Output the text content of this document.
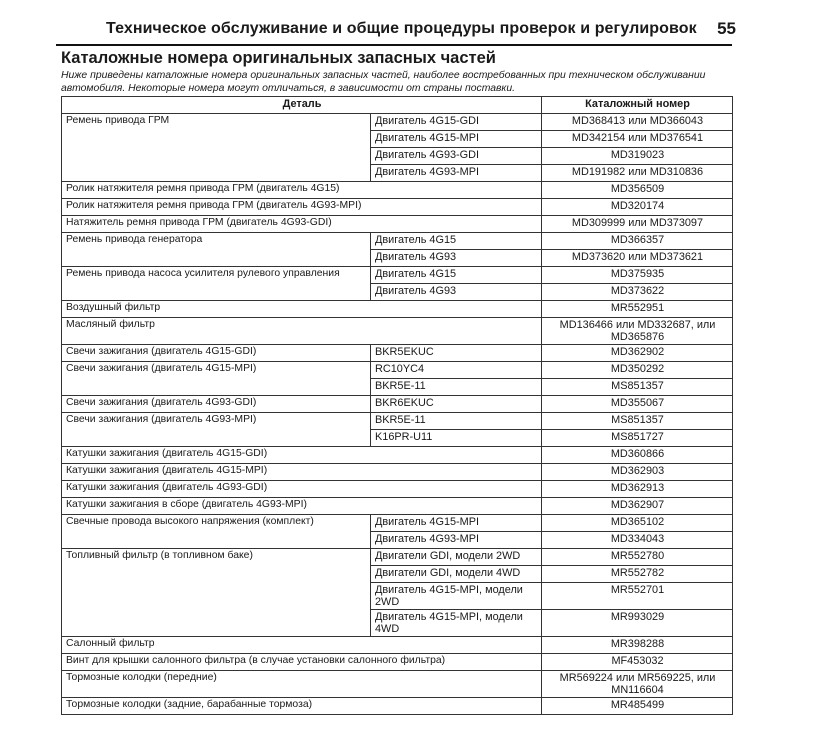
Техническое обслуживание и общие процедуры проверок и регулировок 55
Каталожные номера оригинальных запасных частей
Ниже приведены каталожные номера оригинальных запасных частей, наиболее востребованных при техническом обслуживании автомобиля. Некоторые номера могут отличаться, в зависимости от страны поставки.
Деталь		Каталожный номер
Ремень привода ГРМ	Двигатель 4G15-GDI	MD368413 или MD366043
	Двигатель 4G15-MPI	MD342154 или MD376541
	Двигатель 4G93-GDI	MD319023
	Двигатель 4G93-MPI	MD191982 или MD310836
Ролик натяжителя ремня привода ГРМ (двигатель 4G15)		MD356509
Ролик натяжителя ремня привода ГРМ (двигатель 4G93-MPI)		MD320174
Натяжитель ремня привода ГРМ (двигатель 4G93-GDI)		MD309999 или MD373097
Ремень привода генератора	Двигатель 4G15	MD366357
	Двигатель 4G93	MD373620 или MD373621
Ремень привода насоса усилителя рулевого управления	Двигатель 4G15	MD375935
	Двигатель 4G93	MD373622
Воздушный фильтр		MR552951
Масляный фильтр		MD136466 или MD332687, или MD365876
Свечи зажигания (двигатель 4G15-GDI)	BKR5EKUC	MD362902
Свечи зажигания (двигатель 4G15-MPI)	RC10YC4	MD350292
	BKR5E-11	MS851357
Свечи зажигания (двигатель 4G93-GDI)	BKR6EKUC	MD355067
Свечи зажигания (двигатель 4G93-MPI)	BKR5E-11	MS851357
	K16PR-U11	MS851727
Катушки зажигания (двигатель 4G15-GDI)		MD360866
Катушки зажигания (двигатель 4G15-MPI)		MD362903
Катушки зажигания (двигатель 4G93-GDI)		MD362913
Катушки зажигания в сборе (двигатель 4G93-MPI)		MD362907
Свечные провода высокого напряжения (комплект)	Двигатель 4G15-MPI	MD365102
	Двигатель 4G93-MPI	MD334043
Топливный фильтр (в топливном баке)	Двигатели GDI, модели 2WD	MR552780
	Двигатели GDI, модели 4WD	MR552782
	Двигатель 4G15-MPI, модели 2WD	MR552701
	Двигатель 4G15-MPI, модели 4WD	MR993029
Салонный фильтр		MR398288
Винт для крышки салонного фильтра (в случае установки салонного фильтра)		MF453032
Тормозные колодки (передние)		MR569224 или MR569225, или MN116604
Тормозные колодки (задние, барабанные тормоза)		MR485499
